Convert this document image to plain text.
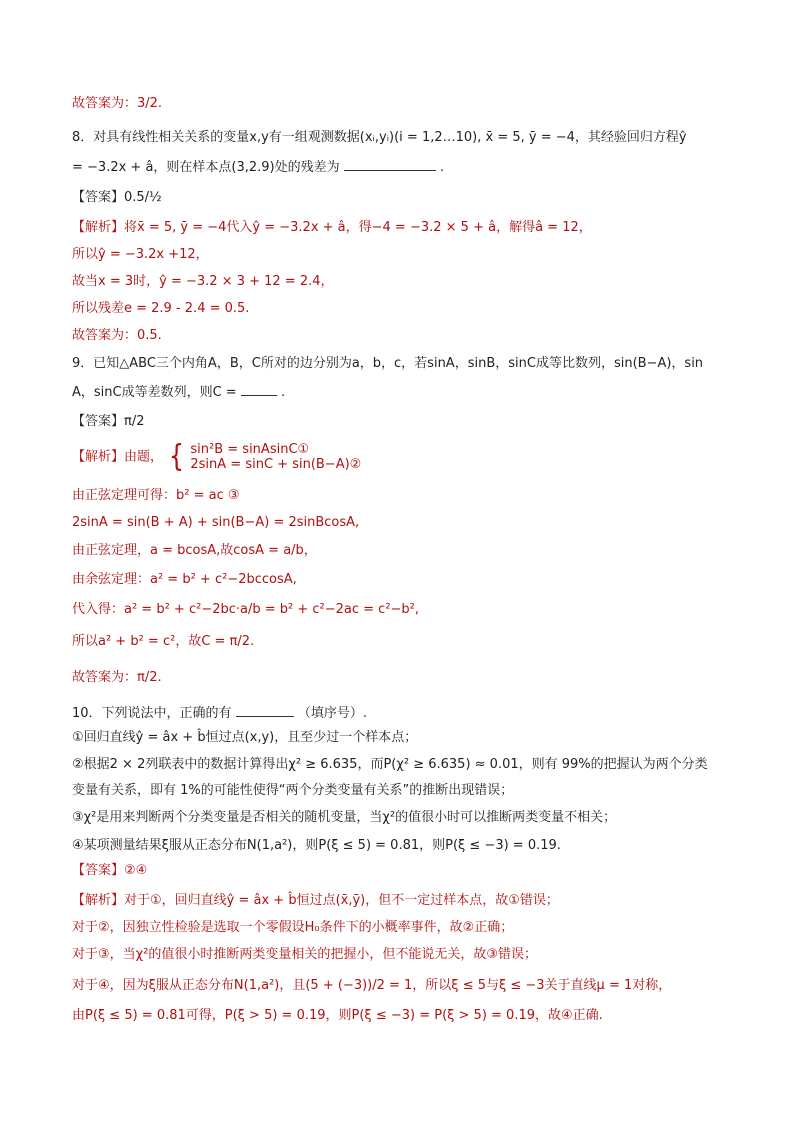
故答案为：3/2.
8．对具有线性相关关系的变量x,y有一组观测数据(xᵢ,yᵢ)(i = 1,2…10), x̄ = 5, ȳ = −4，其经验回归方程ŷ
= −3.2x + â，则在样本点(3,2.9)处的残差为	.
【答案】0.5/½
【解析】将x̄ = 5, ȳ = −4代入ŷ = −3.2x + â，得−4 = −3.2 × 5 + â，解得â = 12，
所以ŷ = −3.2x +12，
故当x = 3时，ŷ = −3.2 × 3 + 12 = 2.4，
所以残差e = 2.9 - 2.4 = 0.5.
故答案为：0.5.
9．已知△ABC三个内角A，B，C所对的边分别为a，b，c，若sinA，sinB，sinC成等比数列，sin(B−A)，sin
A，sinC成等差数列，则C =	.
【答案】π/2
【解析】由题， { sin²B = sinAsinC①
2sinA = sinC + sin(B−A)②
由正弦定理可得：b² = ac ③
2sinA = sin(B + A) + sin(B−A) = 2sinBcosA,
由正弦定理，a = bcosA,故cosA = a/b，
由余弦定理：a² = b² + c²−2bccosA,
代入得：a² = b² + c²−2bc·a/b = b² + c²−2ac = c²−b²,
所以a² + b² = c²，故C = π/2.
故答案为：π/2.
10．下列说法中，正确的有	（填序号）.
①回归直线ŷ = âx + b̂恒过点(x,y)，且至少过一个样本点；
②根据2 × 2列联表中的数据计算得出χ² ≥ 6.635，而P(χ² ≥ 6.635) ≈ 0.01，则有 99%的把握认为两个分类
变量有关系，即有 1%的可能性使得“两个分类变量有关系”的推断出现错误；
③χ²是用来判断两个分类变量是否相关的随机变量，当χ²的值很小时可以推断两类变量不相关；
④某项测量结果ξ服从正态分布N(1,a²)，则P(ξ ≤ 5) = 0.81，则P(ξ ≤ −3) = 0.19.
【答案】②④
【解析】对于①，回归直线ŷ = âx + b̂恒过点(x̄,ȳ)，但不一定过样本点，故①错误；
对于②，因独立性检验是选取一个零假设H₀条件下的小概率事件，故②正确；
对于③，当χ²的值很小时推断两类变量相关的把握小，但不能说无关，故③错误；
对于④，因为ξ服从正态分布N(1,a²)，且(5 + (−3))/2 = 1，所以ξ ≤ 5与ξ ≤ −3关于直线μ = 1对称，
由P(ξ ≤ 5) = 0.81可得，P(ξ > 5) = 0.19，则P(ξ ≤ −3) = P(ξ > 5) = 0.19，故④正确.
